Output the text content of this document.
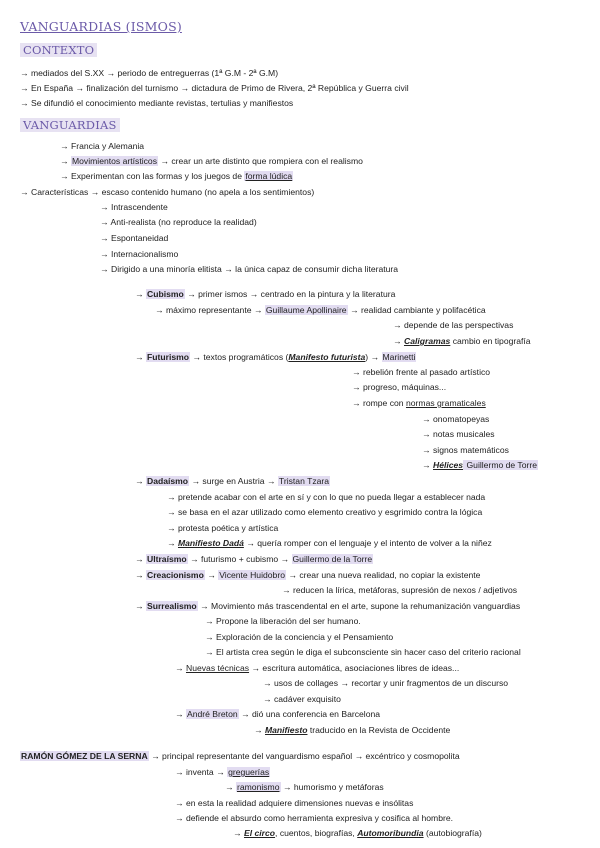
VANGUARDIAS (ISMOS)
CONTEXTO
→ mediados del S.XX → periodo de entreguerras (1ª G.M - 2ª G.M)
→ En España → finalización del turnismo → dictadura de Primo de Rivera, 2ª República y Guerra civil
→ Se difundió el conocimiento mediante revistas, tertulias y manifiestos
VANGUARDIAS
→ Francia y Alemania
→ Movimientos artísticos → crear un arte distinto que rompiera con el realismo
→ Experimentan con las formas y los juegos de forma lúdica
→ Características → escaso contenido humano (no apela a los sentimientos)
→ Intrascendente
→ Anti-realista (no reproduce la realidad)
→ Espontaneidad
→ Internacionalismo
→ Dirigido a una minoría elitista → la única capaz de consumir dicha literatura
→ Cubismo → primer ismos → centrado en la pintura y la literatura
→ máximo representante → Guillaume Apollinaire → realidad cambiante y polifacética
→ depende de las perspectivas
→ Caligramas cambio en tipografía
→ Futurismo → textos programáticos (Manifesto futurista) → Marinetti
→ rebelión frente al pasado artístico
→ progreso, máquinas...
→ rompe con normas gramaticales
→ onomatopeyas
→ notas musicales
→ signos matemáticos
→ Hélices Guillermo de Torre
→ Dadaísmo → surge en Austria → Tristan Tzara
→ pretende acabar con el arte en sí y con lo que no pueda llegar a establecer nada
→ se basa en el azar utilizado como elemento creativo y esgrimido contra la lógica
→ protesta poética y artística
→ Manifiesto Dadá → quería romper con el lenguaje y el intento de volver a la niñez
→ Ultraísmo → futurismo + cubismo → Guillermo de la Torre
→ Creacionismo → Vicente Huidobro → crear una nueva realidad, no copiar la existente
→ reducen la lírica, metáforas, supresión de nexos / adjetivos
→ Surrealismo → Movimiento más trascendental en el arte, supone la rehumanización vanguardias
→ Propone la liberación del ser humano.
→ Exploración de la conciencia y el Pensamiento
→ El artista crea según le diga el subconsciente sin hacer caso del criterio racional
→ Nuevas técnicas → escritura automática, asociaciones libres de ideas...
→ usos de collages → recortar y unir fragmentos de un discurso
→ cadáver exquisito
→ André Breton → dió una conferencia en Barcelona
→ Manifiesto traducido en la Revista de Occidente
RAMÓN GÓMEZ DE LA SERNA → principal representante del vanguardismo español → excéntrico y cosmopolita
→ inventa → greguerías
→ ramonismo → humorismo y metáforas
→ en esta la realidad adquiere dimensiones nuevas e insólitas
→ defiende el absurdo como herramienta expresiva y cosifica al hombre.
→ El circo, cuentos, biografías, Automoribundia (autobiografía)
